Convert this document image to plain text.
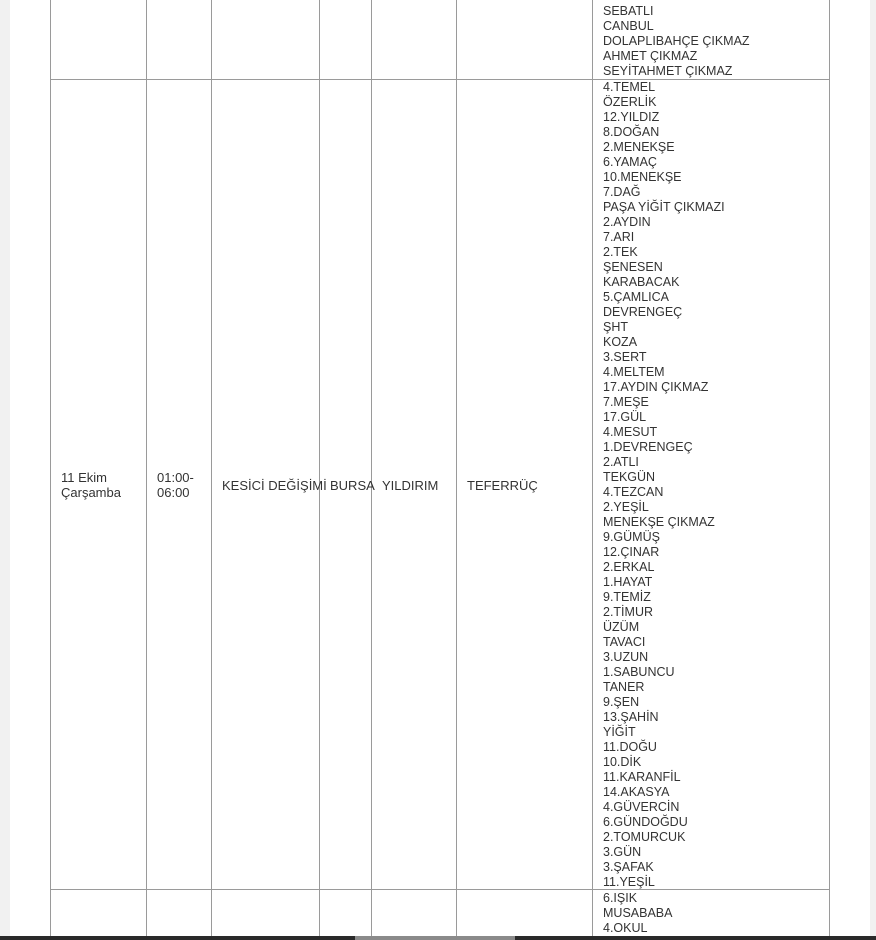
SEBATLI
CANBUL
DOLAPLIBAHÇE ÇIKMAZ
AHMET ÇIKMAZ
SEYİTAHMET ÇIKMAZ
11 Ekim Çarşamba
01:00-06:00	KESİCİ DEĞİŞİMİ BURSA YILDIRIM TEFERRÜÇ
4.TEMEL
ÖZERLİK
12.YILDIZ
8.DOĞAN
2.MENEKŞE
6.YAMAÇ
10.MENEKŞE
7.DAĞ
PAŞA YİĞİT ÇIKMAZI
2.AYDIN
7.ARI
2.TEK
ŞENESEN
KARABACAK
5.ÇAMLICA
DEVRENGEÇ
ŞHT
KOZA
3.SERT
4.MELTEM
17.AYDIN ÇIKMAZ
7.MEŞE
17.GÜL
4.MESUT
1.DEVRENGEÇ
2.ATLI
TEKGÜN
4.TEZCAN
2.YEŞİL
MENEKŞE ÇIKMAZ
9.GÜMÜŞ
12.ÇINAR
2.ERKAL
1.HAYAT
9.TEMİZ
2.TİMUR
ÜZÜM
TAVACI
3.UZUN
1.SABUNCU
TANER
9.ŞEN
13.ŞAHİN
YİĞİT
11.DOĞU
10.DİK
11.KARANFİL
14.AKASYA
4.GÜVERCİN
6.GÜNDOĞDU
2.TOMURCUK
3.GÜN
3.ŞAFAK
11.YEŞİL
6.IŞIK
MUSABABA
4.OKUL
